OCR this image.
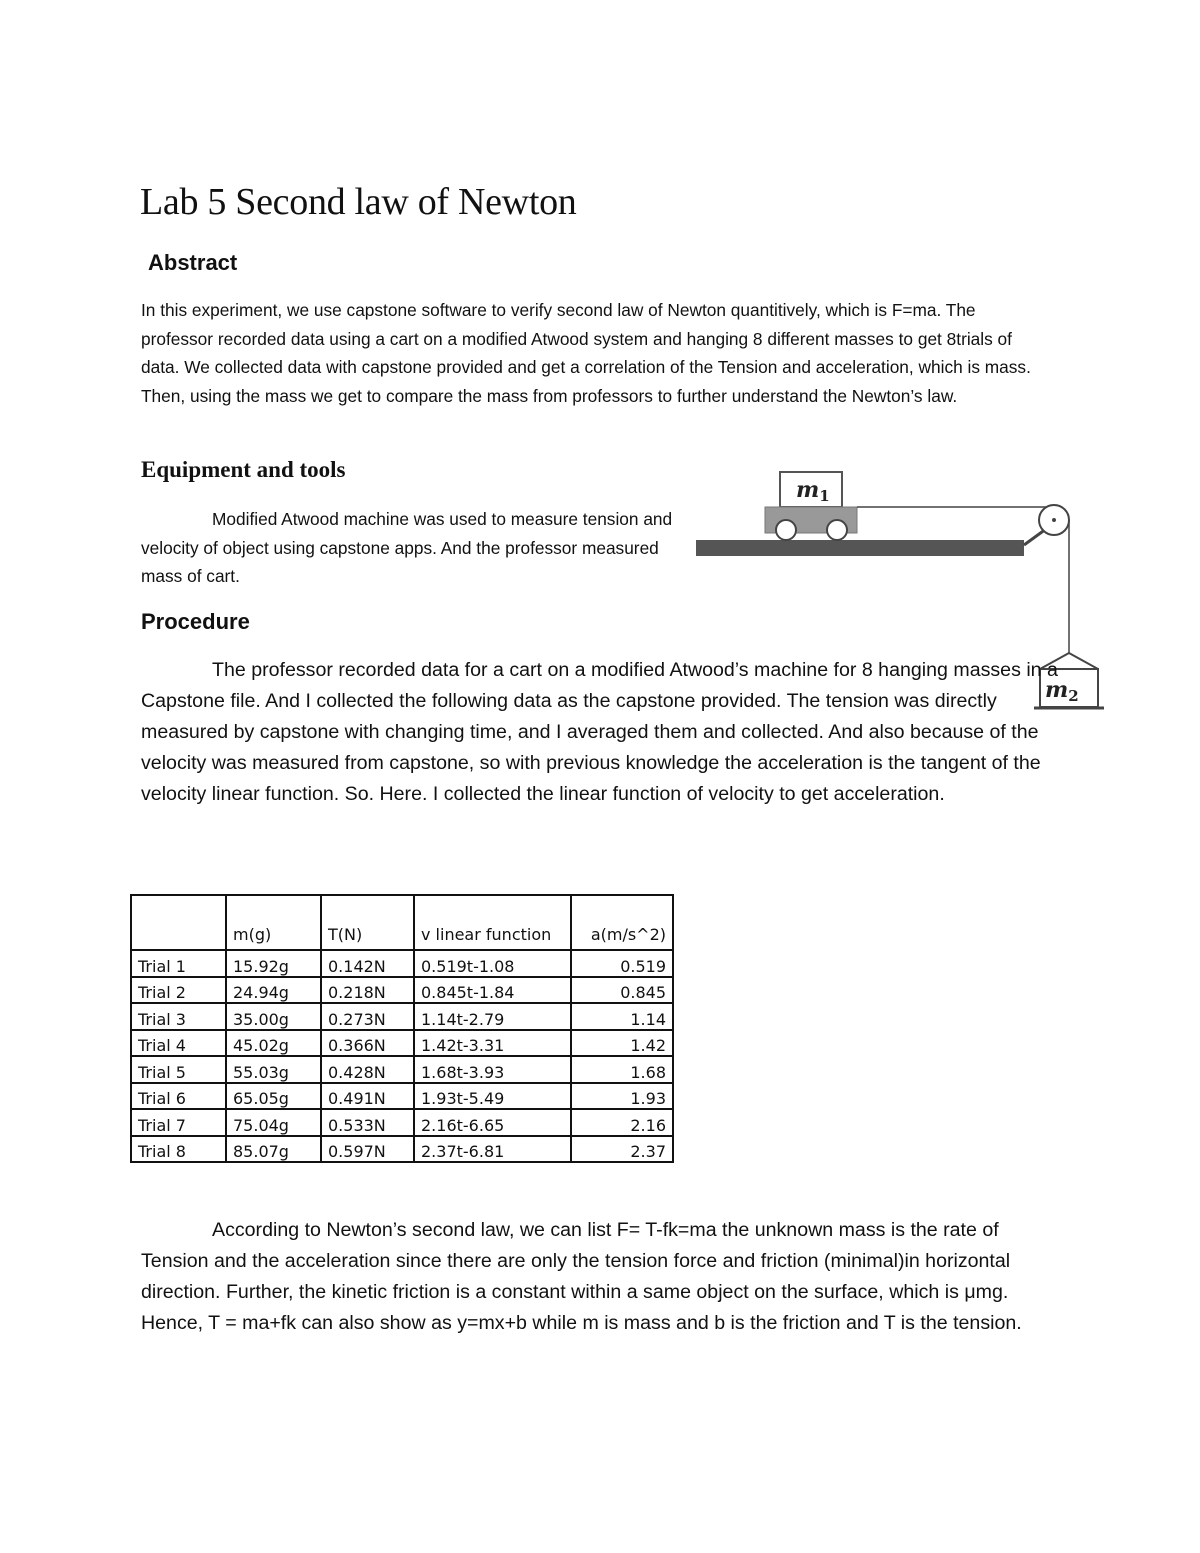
Lab 5 Second law of Newton
Abstract

In this experiment, we use capstone software to verify second law of Newton quantitively, which is F=ma. The professor recorded data using a cart on a modified Atwood system and hanging 8 different masses to get 8trials of data. We collected data with capstone provided and get a correlation of the Tension and acceleration, which is mass. Then, using the mass we get to compare the mass from professors to further understand the Newton’s law.

Equipment and tools

Modified Atwood machine was used to measure tension and velocity of object using capstone apps. And the professor measured mass of cart.

m1
m2
Procedure

The professor recorded data for a cart on a modified Atwood’s machine for 8 hanging masses in a Capstone file. And I collected the following data as the capstone provided. The tension was directly measured by capstone with changing time, and I averaged them and collected. And also because of the velocity was measured from capstone, so with previous knowledge the acceleration is the tangent of the velocity linear function. So. Here. I collected the linear function of velocity to get acceleration.

	m(g)	T(N)	v linear function	a(m/s^2)
Trial 1	15.92g	0.142N	0.519t-1.08	0.519
Trial 2	24.94g	0.218N	0.845t-1.84	0.845
Trial 3	35.00g	0.273N	1.14t-2.79	1.14
Trial 4	45.02g	0.366N	1.42t-3.31	1.42
Trial 5	55.03g	0.428N	1.68t-3.93	1.68
Trial 6	65.05g	0.491N	1.93t-5.49	1.93
Trial 7	75.04g	0.533N	2.16t-6.65	2.16
Trial 8	85.07g	0.597N	2.37t-6.81	2.37

According to Newton’s second law, we can list F= T-fk=ma the unknown mass is the rate of Tension and the acceleration since there are only the tension force and friction (minimal)in horizontal direction. Further, the kinetic friction is a constant within a same object on the surface, which is μmg. Hence, T = ma+fk can also show as y=mx+b while m is mass and b is the friction and T is the tension.
